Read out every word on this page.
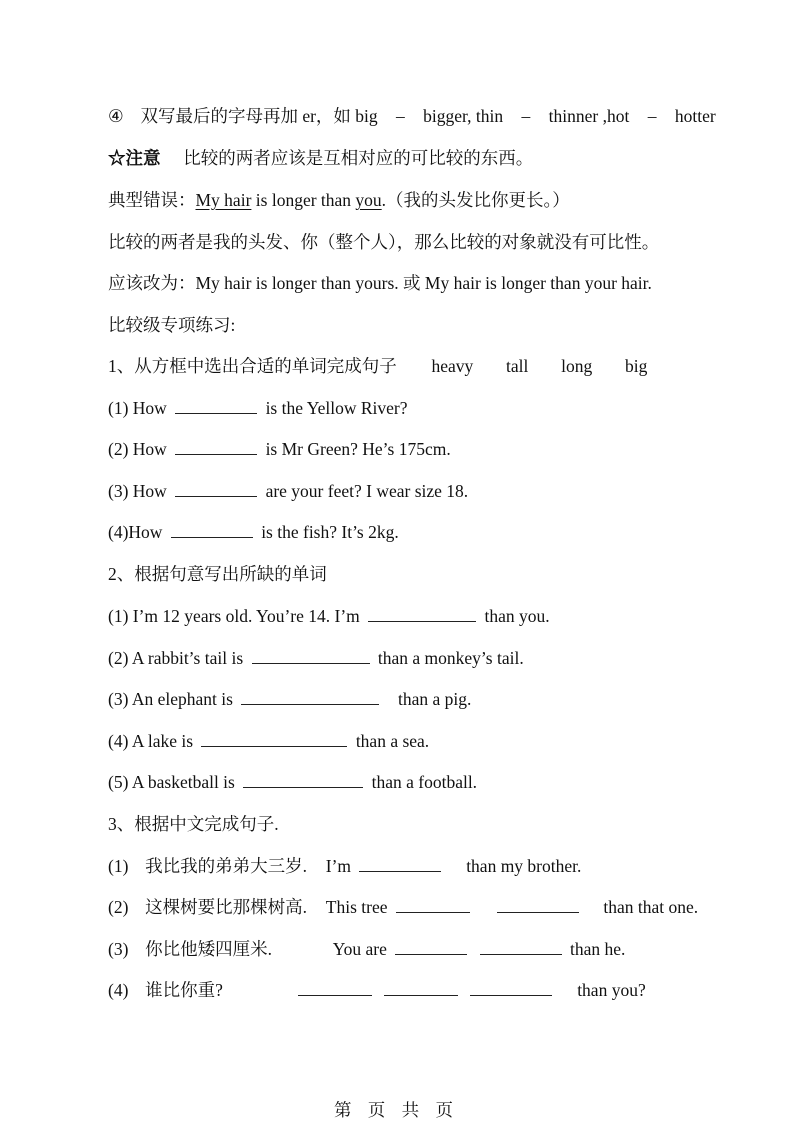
④ 双写最后的字母再加 er，如 big – bigger, thin – thinner ,hot – hotter
☆注意 比较的两者应该是互相对应的可比较的东西。
典型错误：My hair is longer than you.（我的头发比你更长。）
比较的两者是我的头发、你（整个人），那么比较的对象就没有可比性。
应该改为：My hair is longer than yours. 或 My hair is longer than your hair.
比较级专项练习:
1、从方框中选出合适的单词完成句子 heavy tall long big
(1) How	is the Yellow River?
(2) How	is Mr Green? He’s 175cm.
(3) How	are your feet? I wear size 18.
(4)How	is the fish? It’s 2kg.
2、根据句意写出所缺的单词
(1) I’m 12 years old. You’re 14. I’m	than you.
(2) A rabbit’s tail is	than a monkey’s tail.
(3) An elephant is	than a pig.
(4) A lake is	than a sea.
(5) A basketball is	than a football.
3、根据中文完成句子.
(1) 我比我的弟弟大三岁. I’m	than my brother.
(2) 这棵树要比那棵树高. This tree	than that one.
(3) 你比他矮四厘米.	You are	than he.
(4) 谁比你重?	than you?
第 页 共 页
